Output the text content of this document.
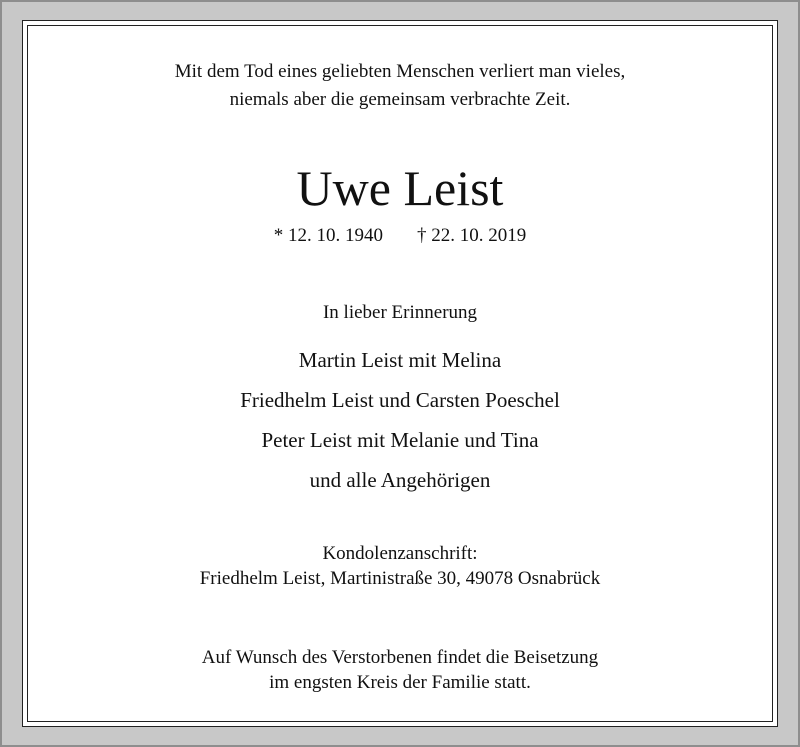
Mit dem Tod eines geliebten Menschen verliert man vieles,
niemals aber die gemeinsam verbrachte Zeit.
Uwe Leist
* 12. 10. 1940 † 22. 10. 2019
In lieber Erinnerung
Martin Leist mit Melina
Friedhelm Leist und Carsten Poeschel
Peter Leist mit Melanie und Tina
und alle Angehörigen
Kondolenzanschrift:
Friedhelm Leist, Martinistraße 30, 49078 Osnabrück
Auf Wunsch des Verstorbenen findet die Beisetzung
im engsten Kreis der Familie statt.
